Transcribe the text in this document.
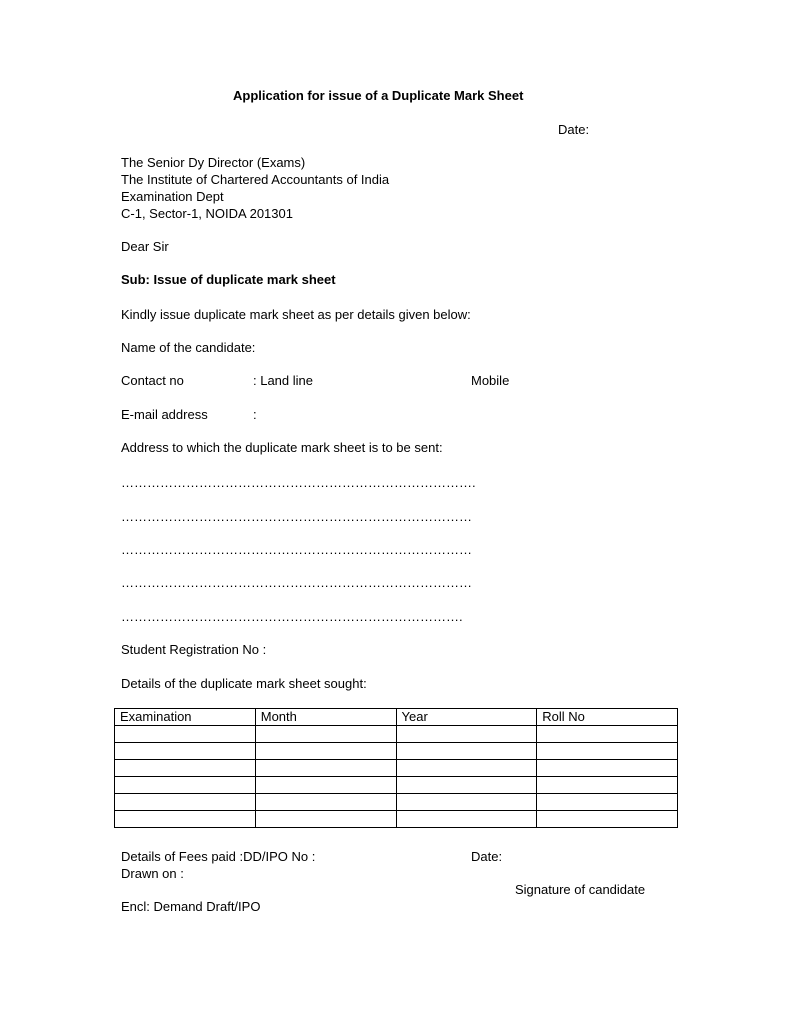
Application for issue of a Duplicate Mark Sheet
Date:
The Senior Dy Director (Exams)
The Institute of Chartered Accountants of India
Examination Dept
C-1, Sector-1, NOIDA 201301
Dear Sir
Sub: Issue of duplicate mark sheet
Kindly issue duplicate mark sheet as per details given below:
Name of the candidate:
Contact no	: Land line	Mobile
E-mail address	:
Address to which the duplicate mark sheet is to be sent:
……………………………………………………………………….
………………………………………………………………………
………………………………………………………………………
………………………………………………………………………
…………………………………………………………………….
Student Registration No :
Details of the duplicate mark sheet sought:
Examination	Month	Year	Roll No

Details of Fees paid :DD/IPO No :	Date:
Drawn on :
Signature of candidate
Encl: Demand Draft/IPO
